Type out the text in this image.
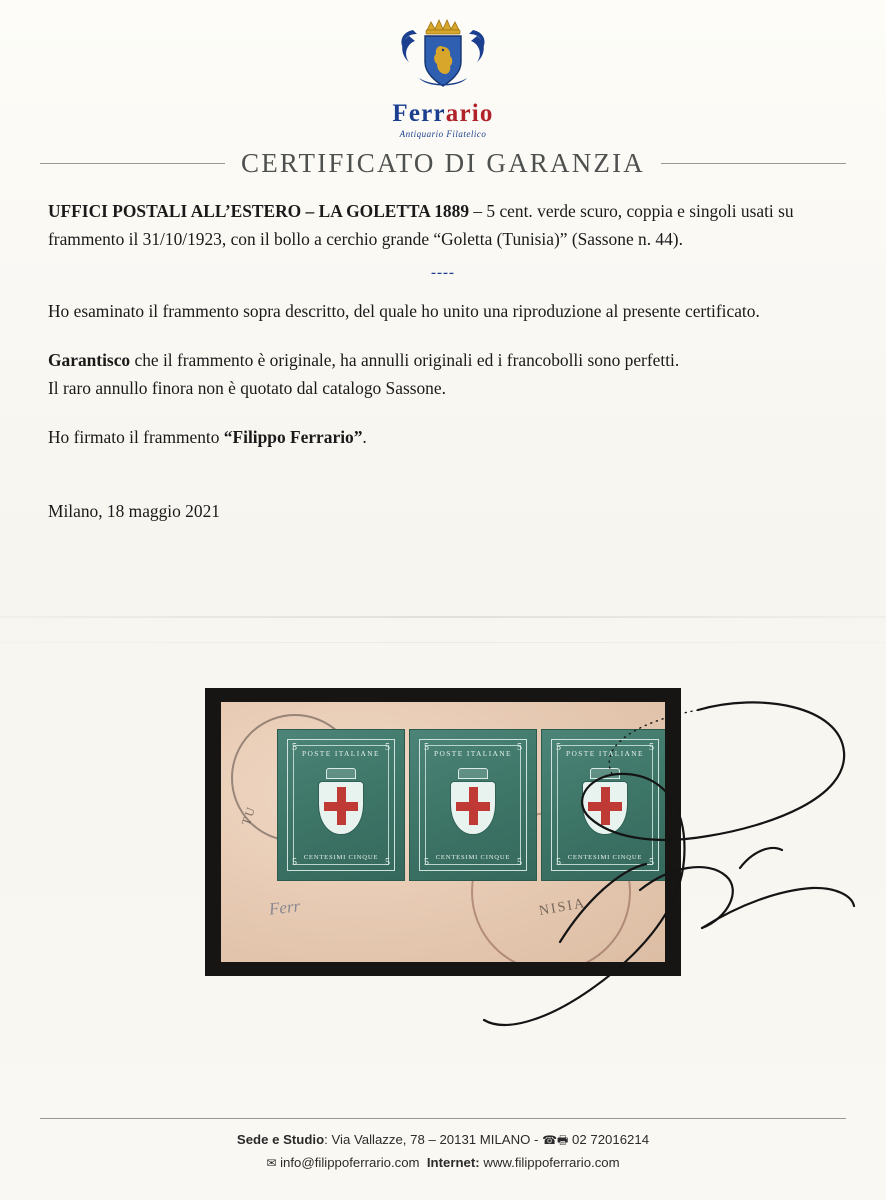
Ferrario
Antiquario Filatelico
CERTIFICATO DI GARANZIA

UFFICI POSTALI ALL’ESTERO – LA GOLETTA 1889 – 5 cent. verde scuro, coppia e singoli usati su frammento il 31/10/1923, con il bollo a cerchio grande “Goletta (Tunisia)” (Sassone n. 44).

----

Ho esaminato il frammento sopra descritto, del quale ho unito una riproduzione al presente certificato.

Garantisco che il frammento è originale, ha annulli originali ed i francobolli sono perfetti.

Il raro annullo finora non è quotato dal catalogo Sassone.

Ho firmato il frammento “Filippo Ferrario”.

Milano, 18 maggio 2021

TU
POSTE ITALIANE
5	5
5	5
CENTESIMI CINQUE
POSTE ITALIANE
5	5
5	5
CENTESIMI CINQUE
POSTE ITALIANE
5	5
5	5
CENTESIMI CINQUE
NISIA
Ferr
Sede e Studio: Via Vallazze, 78 – 20131 MILANO - ☎🖶 02 72016214
✉ info@filippoferrario.com Internet: www.filippoferrario.com
